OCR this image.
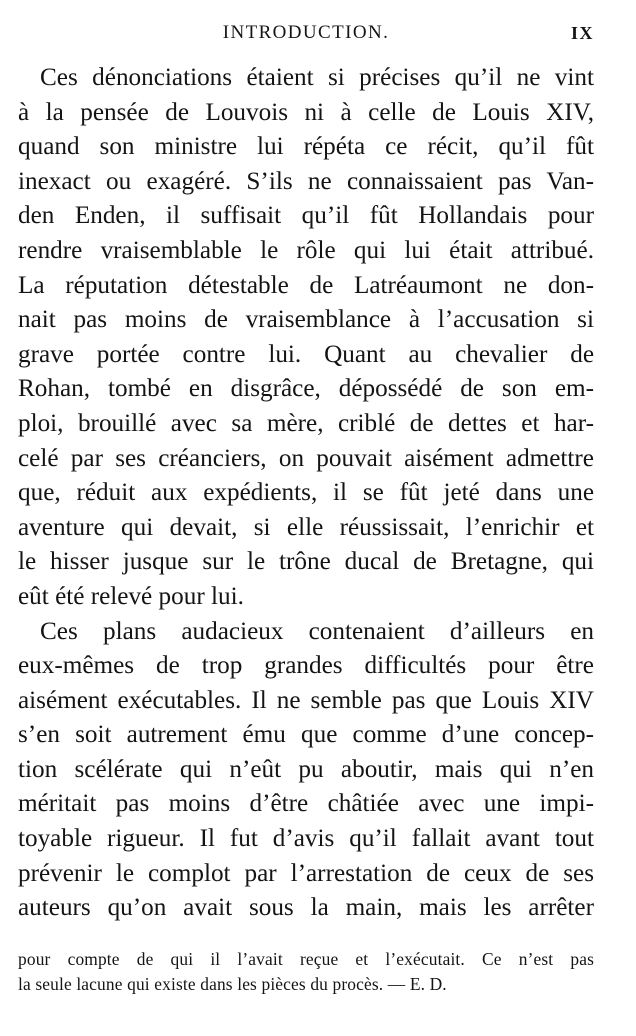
INTRODUCTION.	IX
Ces dénonciations étaient si précises qu’il ne vint
à la pensée de Louvois ni à celle de Louis XIV,
quand son ministre lui répéta ce récit, qu’il fût
inexact ou exagéré. S’ils ne connaissaient pas Van-
den Enden, il suffisait qu’il fût Hollandais pour
rendre vraisemblable le rôle qui lui était attribué.
La réputation détestable de Latréaumont ne don-
nait pas moins de vraisemblance à l’accusation si
grave portée contre lui. Quant au chevalier de
Rohan, tombé en disgrâce, dépossédé de son em-
ploi, brouillé avec sa mère, criblé de dettes et har-
celé par ses créanciers, on pouvait aisément admettre
que, réduit aux expédients, il se fût jeté dans une
aventure qui devait, si elle réussissait, l’enrichir et
le hisser jusque sur le trône ducal de Bretagne, qui
eût été relevé pour lui.
Ces plans audacieux contenaient d’ailleurs en
eux-mêmes de trop grandes difficultés pour être
aisément exécutables. Il ne semble pas que Louis XIV
s’en soit autrement ému que comme d’une concep-
tion scélérate qui n’eût pu aboutir, mais qui n’en
méritait pas moins d’être châtiée avec une impi-
toyable rigueur. Il fut d’avis qu’il fallait avant tout
prévenir le complot par l’arrestation de ceux de ses
auteurs qu’on avait sous la main, mais les arrêter
pour compte de qui il l’avait reçue et l’exécutait. Ce n’est pas
la seule lacune qui existe dans les pièces du procès. — E. D.
